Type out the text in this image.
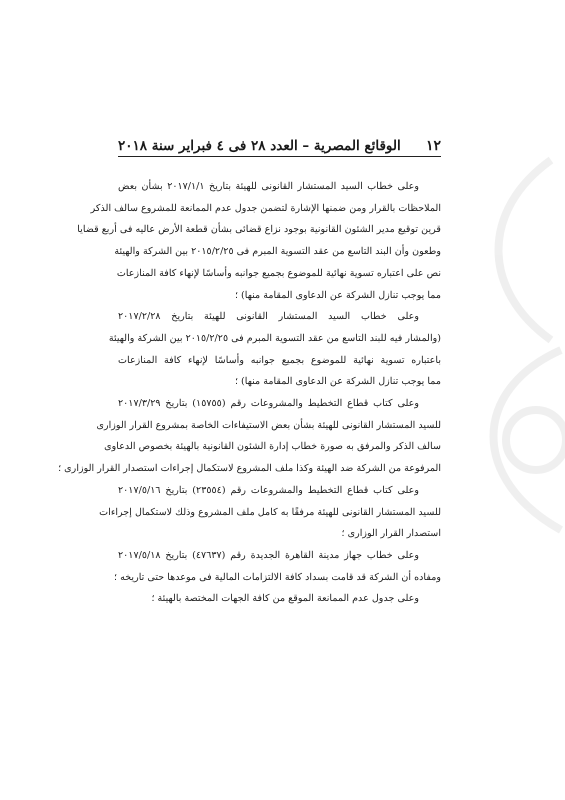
١٢
الوقائع المصرية – العدد ٢٨ فى ٤ فبراير سنة ٢٠١٨
وعلى خطاب السيد المستشار القانونى للهيئة بتاريخ ٢٠١٧/١/١ بشأن بعض
الملاحظات بالقرار ومن ضمنها الإشارة لتضمن جدول عدم الممانعة للمشروع سالف الذكر
قرين توقيع مدير الشئون القانونية بوجود نزاع قضائى بشأن قطعة الأرض عاليه فى أربع قضايا
وطعون وأن البند التاسع من عقد التسوية المبرم فى ٢٠١٥/٢/٢٥ بين الشركة والهيئة
نص على اعتباره تسوية نهائية للموضوع بجميع جوانبه وأساسًا لإنهاء كافة المنازعات
مما يوجب تنازل الشركة عن الدعاوى المقامة منها) ؛
وعلى خطاب السيد المستشار القانونى للهيئة بتاريخ ٢٠١٧/٢/٢٨
(والمشار فيه للبند التاسع من عقد التسوية المبرم فى ٢٠١٥/٢/٢٥ بين الشركة والهيئة
باعتباره تسوية نهائية للموضوع بجميع جوانبه وأساسًا لإنهاء كافة المنازعات
مما يوجب تنازل الشركة عن الدعاوى المقامة منها) ؛
وعلى كتاب قطاع التخطيط والمشروعات رقم (١٥٧٥٥) بتاريخ ٢٠١٧/٣/٢٩
للسيد المستشار القانونى للهيئة بشأن بعض الاستيفاءات الخاصة بمشروع القرار الوزارى
سالف الذكر والمرفق به صورة خطاب إدارة الشئون القانونية بالهيئة بخصوص الدعاوى
المرفوعة من الشركة ضد الهيئة وكذا ملف المشروع لاستكمال إجراءات استصدار القرار الوزارى ؛
وعلى كتاب قطاع التخطيط والمشروعات رقم (٢٣٥٥٤) بتاريخ ٢٠١٧/٥/١٦
للسيد المستشار القانونى للهيئة مرفقًا به كامل ملف المشروع وذلك لاستكمال إجراءات
استصدار القرار الوزارى ؛
وعلى خطاب جهاز مدينة القاهرة الجديدة رقم (٤٧٦٣٧) بتاريخ ٢٠١٧/٥/١٨
ومفاده أن الشركة قد قامت بسداد كافة الالتزامات المالية فى موعدها حتى تاريخه ؛
وعلى جدول عدم الممانعة الموقع من كافة الجهات المختصة بالهيئة ؛
